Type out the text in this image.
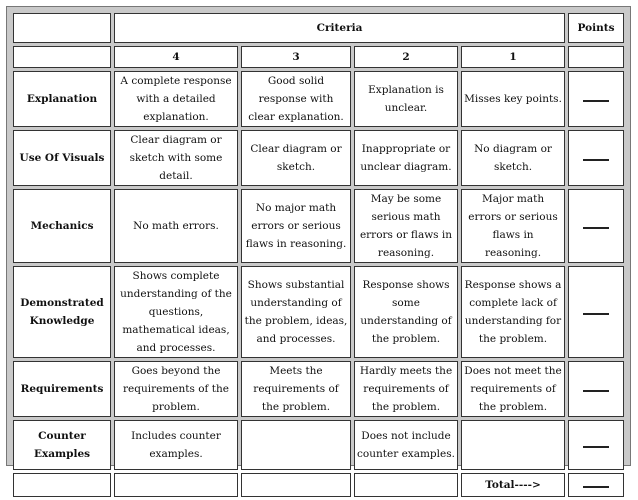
	Criteria				Points
	4	3	2	1	
Explanation	A complete response with a detailed explanation.	Good solid response with clear explanation.	Explanation is unclear.	Misses key points.	
Use Of Visuals	Clear diagram or sketch with some detail.	Clear diagram or sketch.	Inappropriate or unclear diagram.	No diagram or sketch.	
Mechanics	No math errors.	No major math errors or serious flaws in reasoning.	May be some serious math errors or flaws in reasoning.	Major math errors or serious flaws in reasoning.	
Demonstrated Knowledge	Shows complete understanding of the questions, mathematical ideas, and processes.	Shows substantial understanding of the problem, ideas, and processes.	Response shows some understanding of the problem.	Response shows a complete lack of understanding for the problem.	
Requirements	Goes beyond the requirements of the problem.	Meets the requirements of the problem.	Hardly meets the requirements of the problem.	Does not meet the requirements of the problem.	
Counter Examples	Includes counter examples.		Does not include counter examples.		
				Total---->	
